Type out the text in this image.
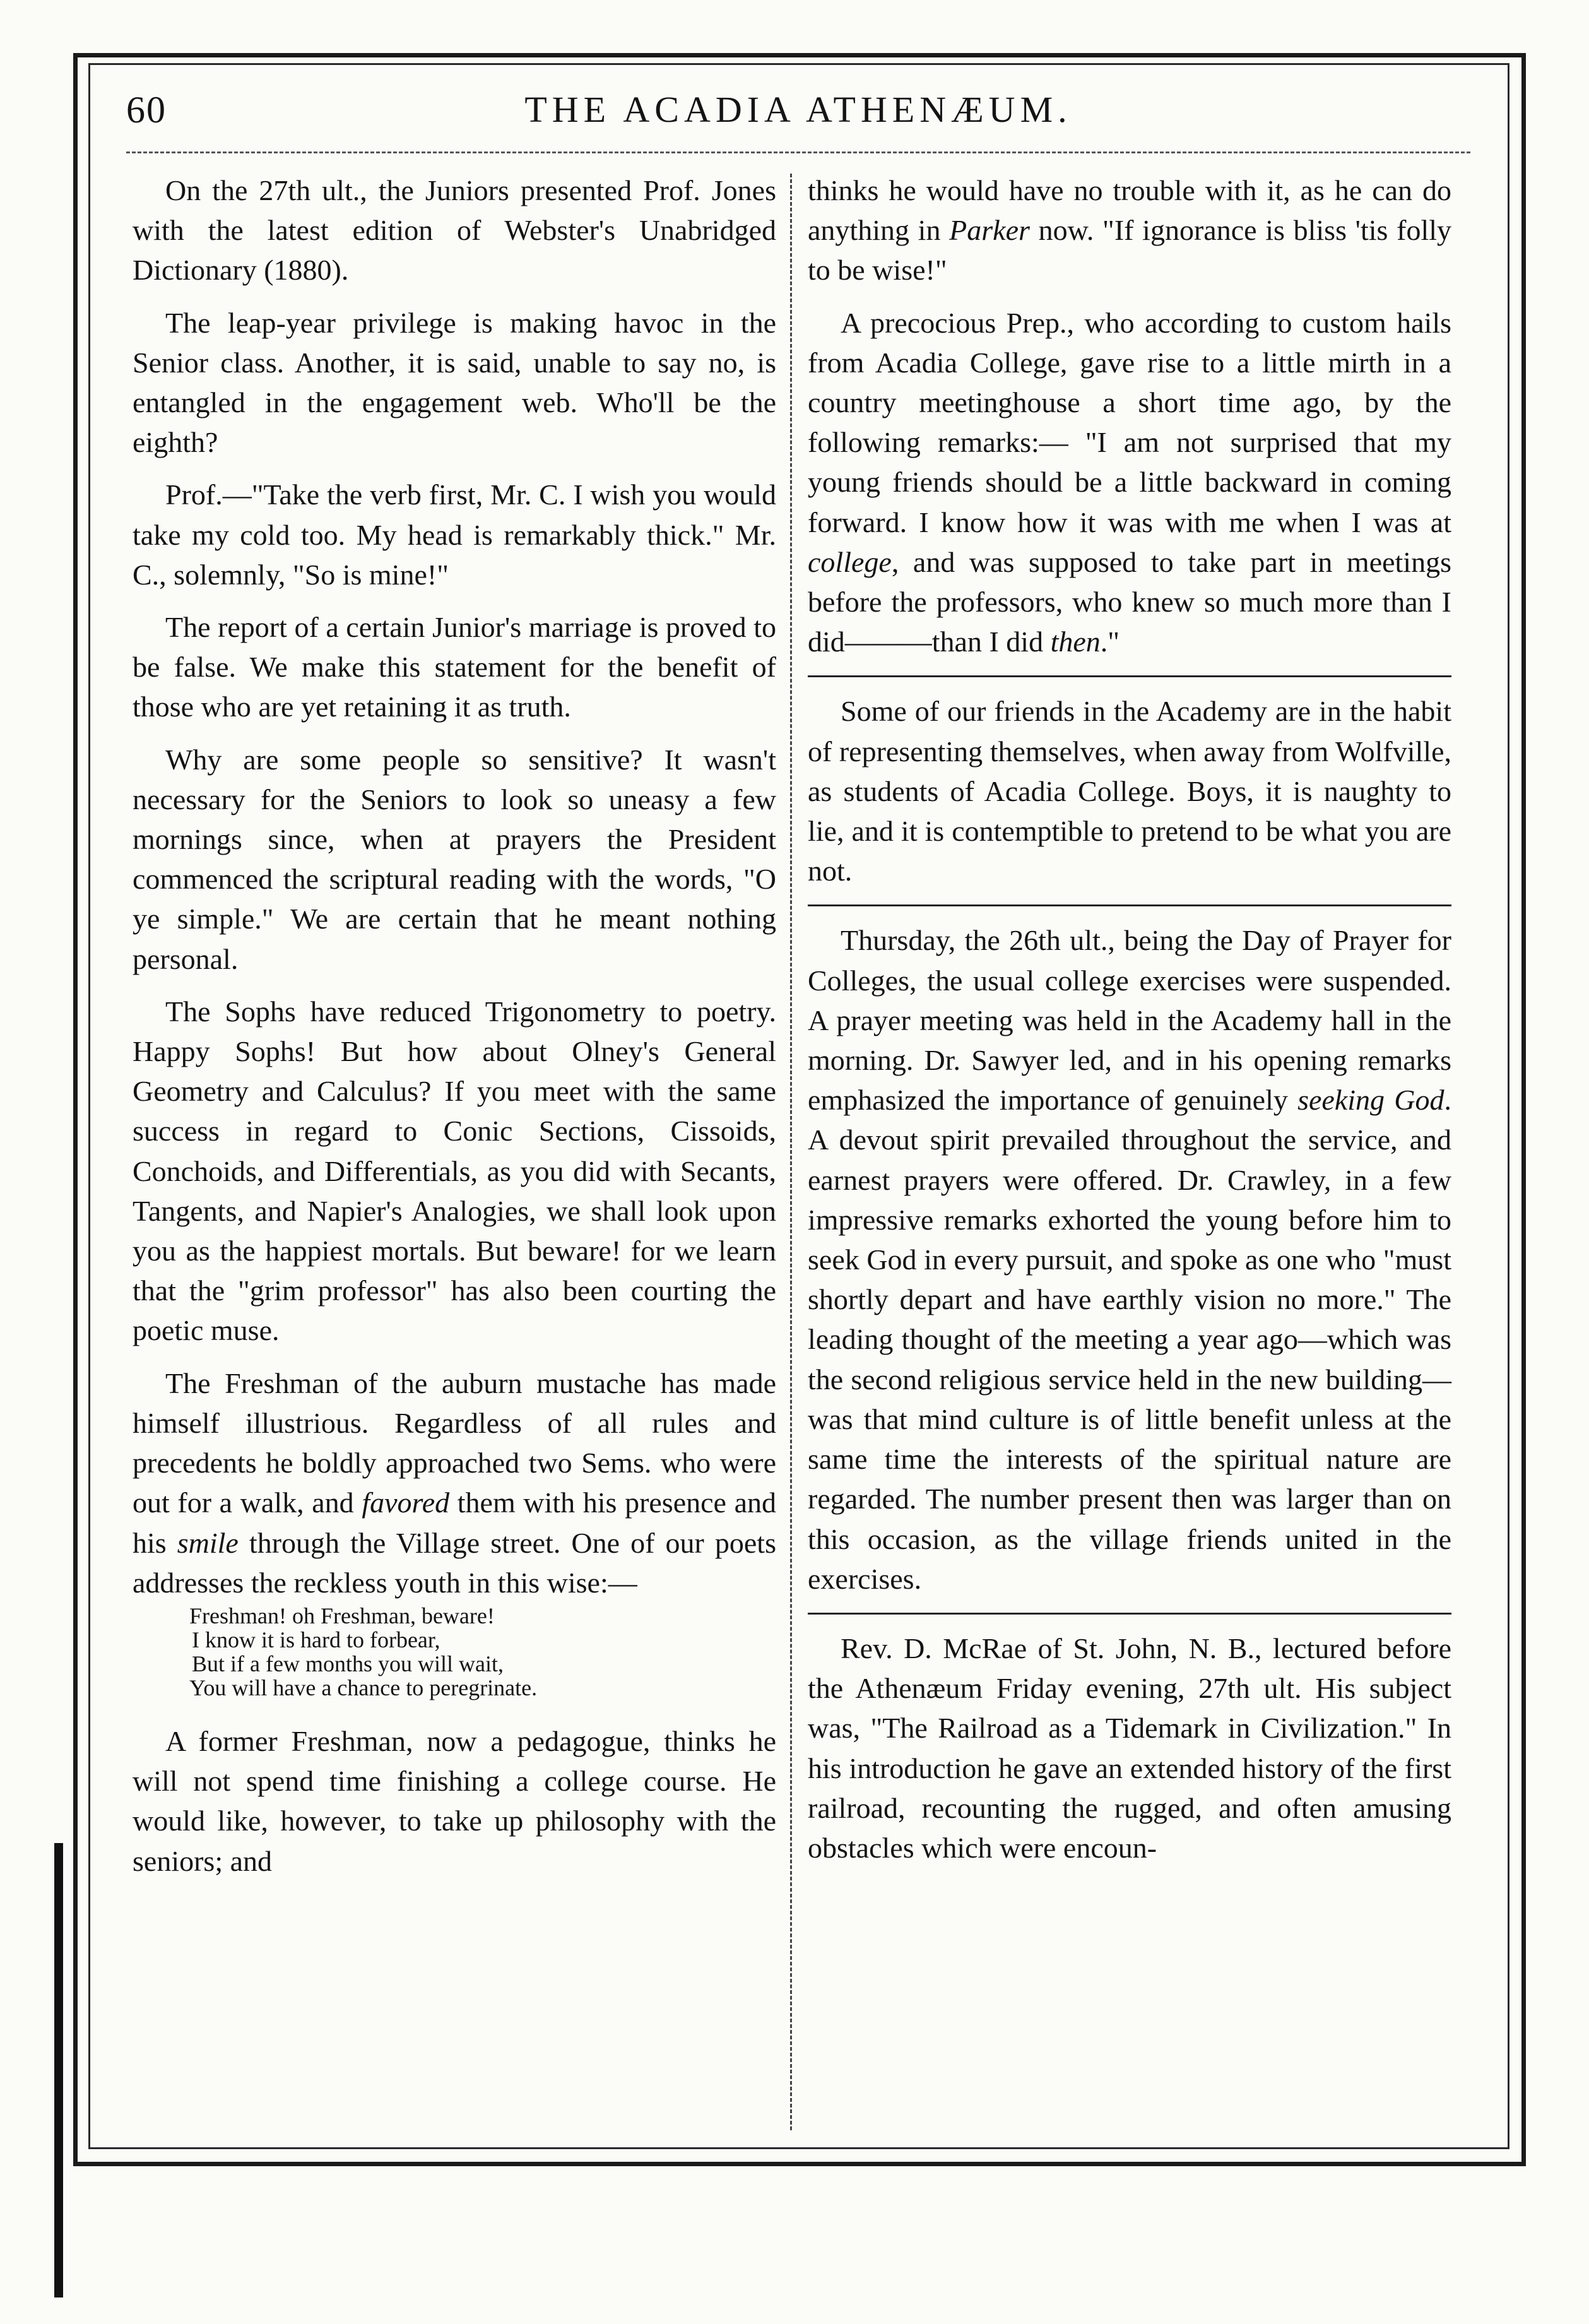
60	THE ACADIA ATHENÆUM.

On the 27th ult., the Juniors presented Prof. Jones with the latest edition of Webster's Unabridged Dictionary (1880).

The leap-year privilege is making havoc in the Senior class. Another, it is said, unable to say no, is entangled in the engagement web. Who'll be the eighth?

Prof.—"Take the verb first, Mr. C. I wish you would take my cold too. My head is remarkably thick." Mr. C., solemnly, "So is mine!"

The report of a certain Junior's marriage is proved to be false. We make this statement for the benefit of those who are yet retaining it as truth.

Why are some people so sensitive? It wasn't necessary for the Seniors to look so uneasy a few mornings since, when at prayers the President commenced the scriptural reading with the words, "O ye simple." We are certain that he meant nothing personal.

The Sophs have reduced Trigonometry to poetry. Happy Sophs! But how about Olney's General Geometry and Calculus? If you meet with the same success in regard to Conic Sections, Cissoids, Conchoids, and Differentials, as you did with Secants, Tangents, and Napier's Analogies, we shall look upon you as the happiest mortals. But beware! for we learn that the "grim professor" has also been courting the poetic muse.

The Freshman of the auburn mustache has made himself illustrious. Regardless of all rules and precedents he boldly approached two Sems. who were out for a walk, and favored them with his presence and his smile through the Village street. One of our poets addresses the reckless youth in this wise:—

Freshman! oh Freshman, beware!
I know it is hard to forbear,
But if a few months you will wait,
You will have a chance to peregrinate.

A former Freshman, now a pedagogue, thinks he will not spend time finishing a college course. He would like, however, to take up philosophy with the seniors; and

thinks he would have no trouble with it, as he can do anything in Parker now. "If ignorance is bliss 'tis folly to be wise!"

A precocious Prep., who according to custom hails from Acadia College, gave rise to a little mirth in a country meetinghouse a short time ago, by the following remarks:— "I am not surprised that my young friends should be a little backward in coming forward. I know how it was with me when I was at college, and was supposed to take part in meetings before the professors, who knew so much more than I did———than I did then."

Some of our friends in the Academy are in the habit of representing themselves, when away from Wolfville, as students of Acadia College. Boys, it is naughty to lie, and it is contemptible to pretend to be what you are not.

Thursday, the 26th ult., being the Day of Prayer for Colleges, the usual college exercises were suspended. A prayer meeting was held in the Academy hall in the morning. Dr. Sawyer led, and in his opening remarks emphasized the importance of genuinely seeking God. A devout spirit prevailed throughout the service, and earnest prayers were offered. Dr. Crawley, in a few impressive remarks exhorted the young before him to seek God in every pursuit, and spoke as one who "must shortly depart and have earthly vision no more." The leading thought of the meeting a year ago—which was the second religious service held in the new building—was that mind culture is of little benefit unless at the same time the interests of the spiritual nature are regarded. The number present then was larger than on this occasion, as the village friends united in the exercises.

Rev. D. McRae of St. John, N. B., lectured before the Athenæum Friday evening, 27th ult. His subject was, "The Railroad as a Tidemark in Civilization." In his introduction he gave an extended history of the first railroad, recounting the rugged, and often amusing obstacles which were encoun-
